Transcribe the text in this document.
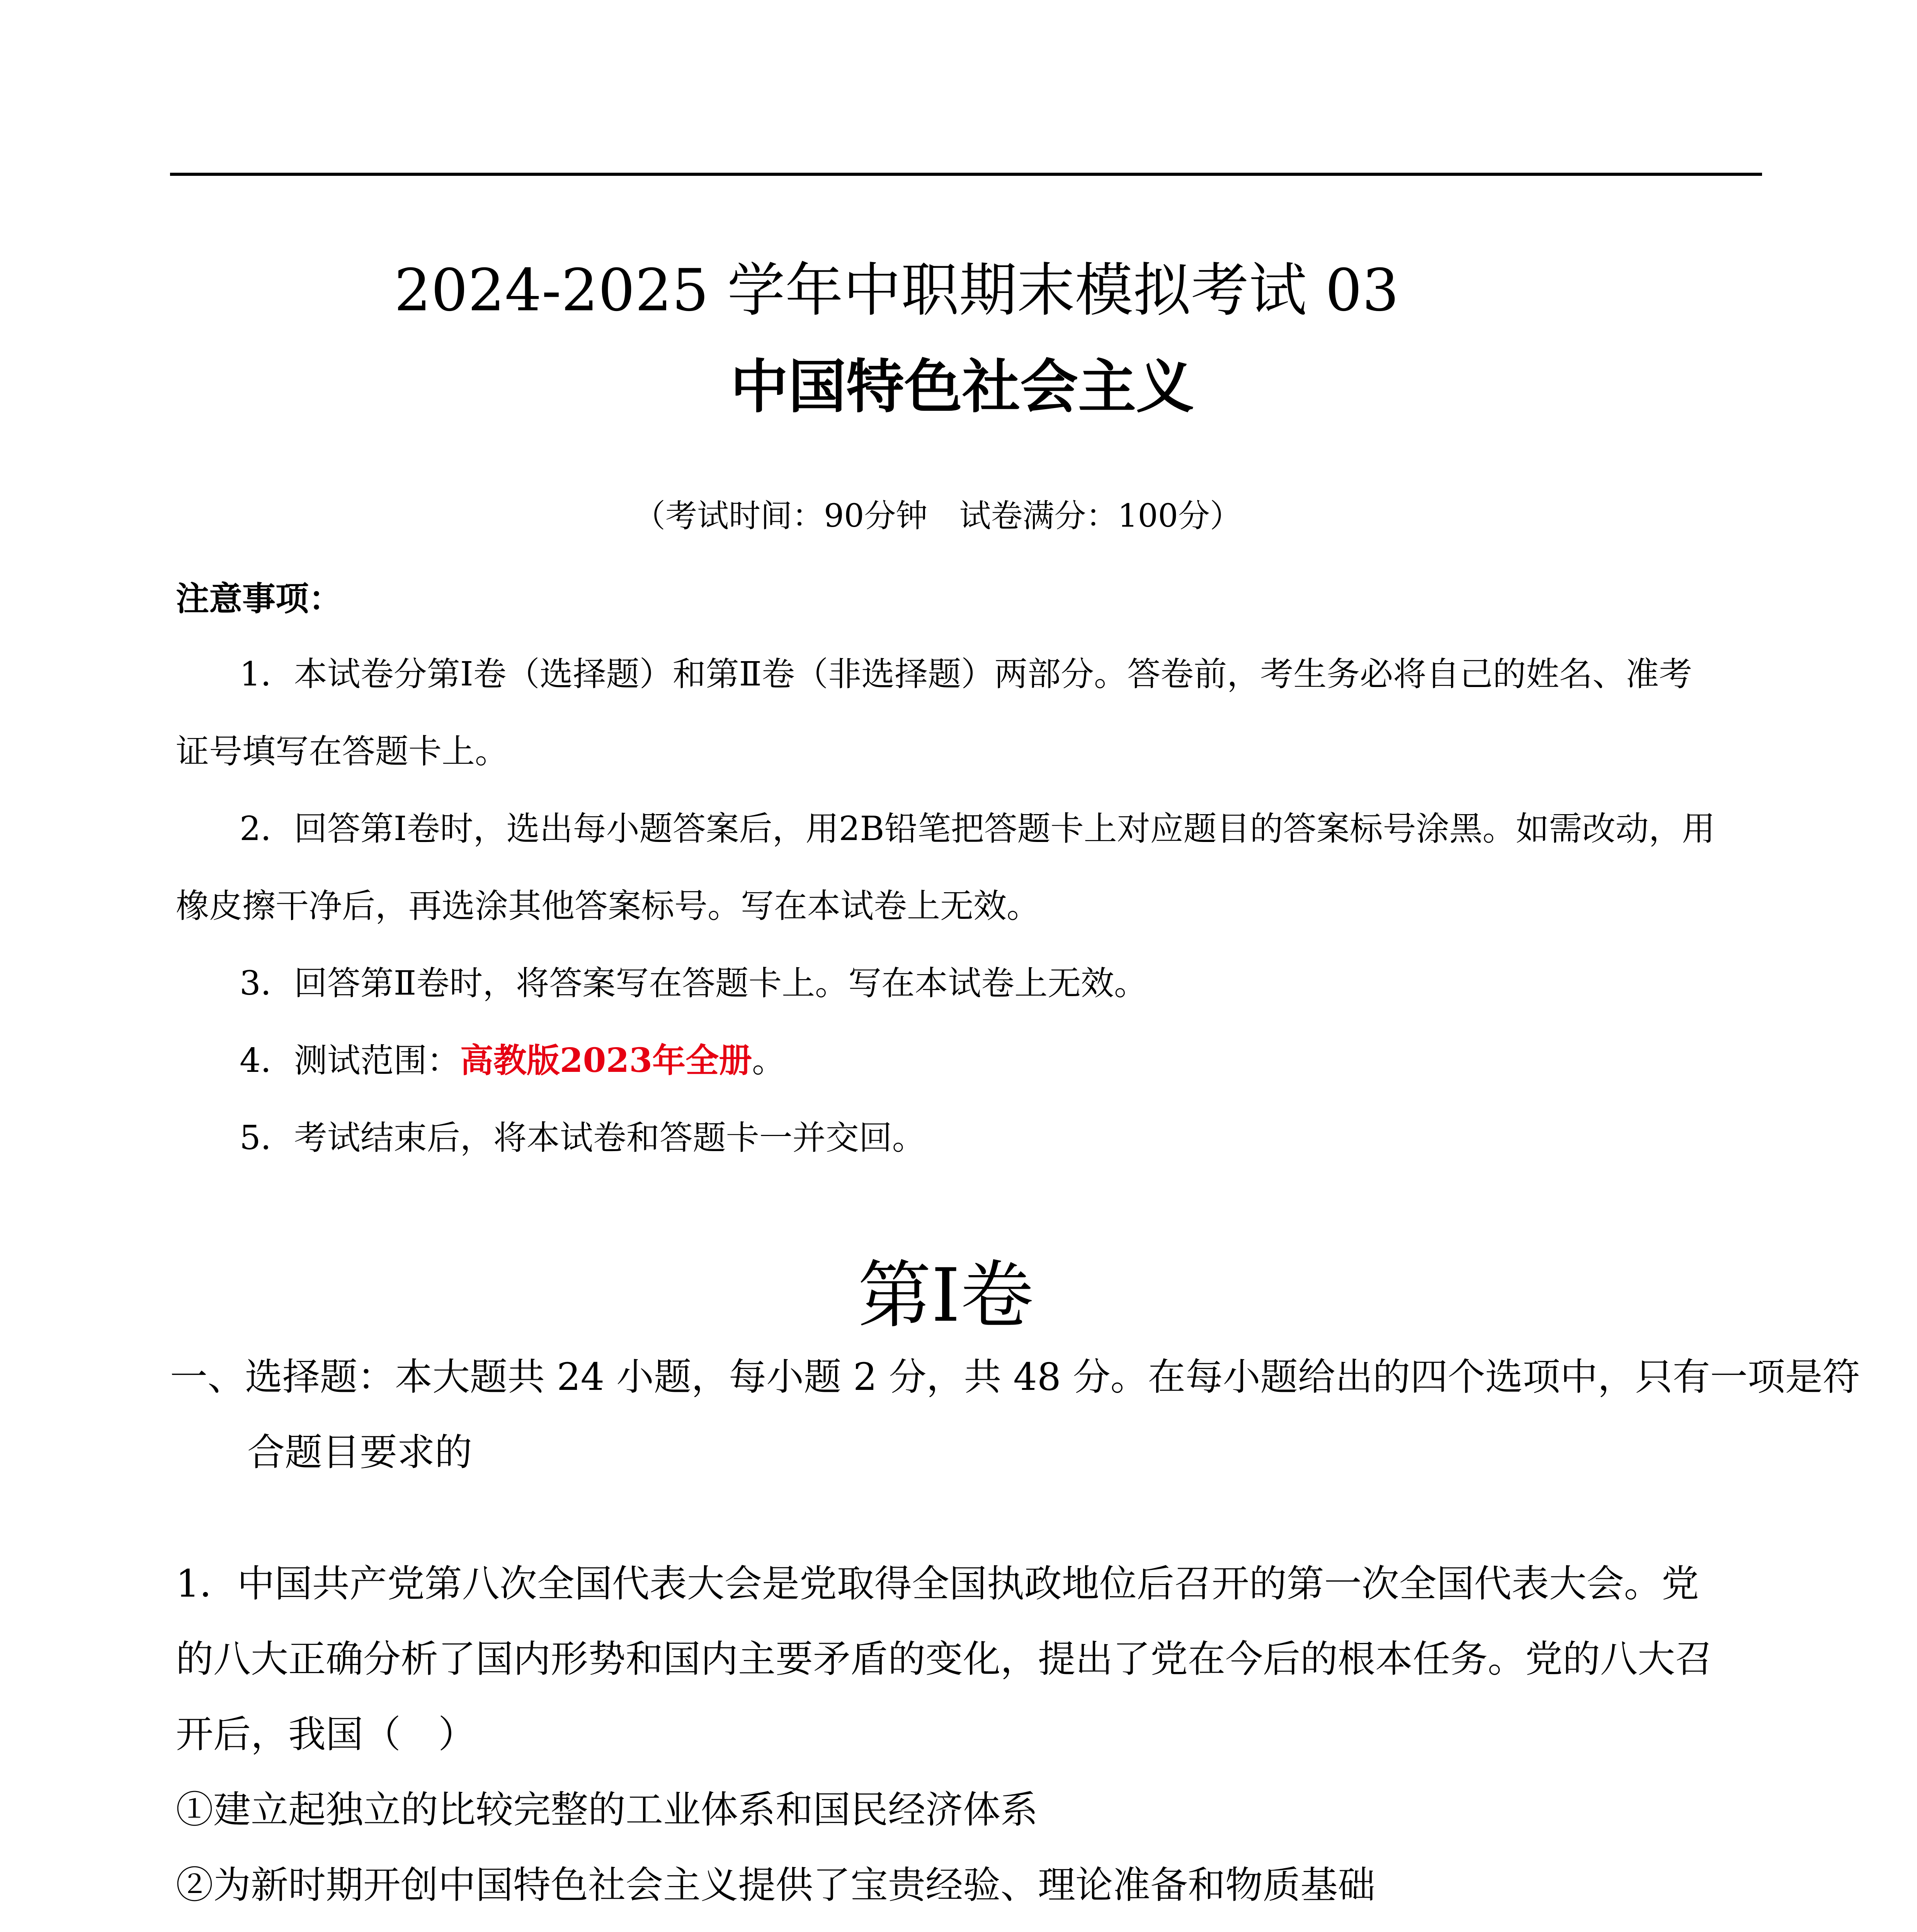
2024-2025 学年中职期末模拟考试 03
中国特色社会主义
（考试时间：90分钟　试卷满分：100分）
注意事项：
1．本试卷分第Ⅰ卷（选择题）和第Ⅱ卷（非选择题）两部分。答卷前，考生务必将自己的姓名、准考
证号填写在答题卡上。
2．回答第Ⅰ卷时，选出每小题答案后，用2B铅笔把答题卡上对应题目的答案标号涂黑。如需改动，用
橡皮擦干净后，再选涂其他答案标号。写在本试卷上无效。
3．回答第Ⅱ卷时，将答案写在答题卡上。写在本试卷上无效。
4．测试范围：高教版2023年全册。
5．考试结束后，将本试卷和答题卡一并交回。
第Ⅰ卷
一、选择题：本大题共 24 小题，每小题 2 分，共 48 分。在每小题给出的四个选项中，只有一项是符
合题目要求的
1．中国共产党第八次全国代表大会是党取得全国执政地位后召开的第一次全国代表大会。党
的八大正确分析了国内形势和国内主要矛盾的变化，提出了党在今后的根本任务。党的八大召
开后，我国（　）
①建立起独立的比较完整的工业体系和国民经济体系
②为新时期开创中国特色社会主义提供了宝贵经验、理论准备和物质基础
